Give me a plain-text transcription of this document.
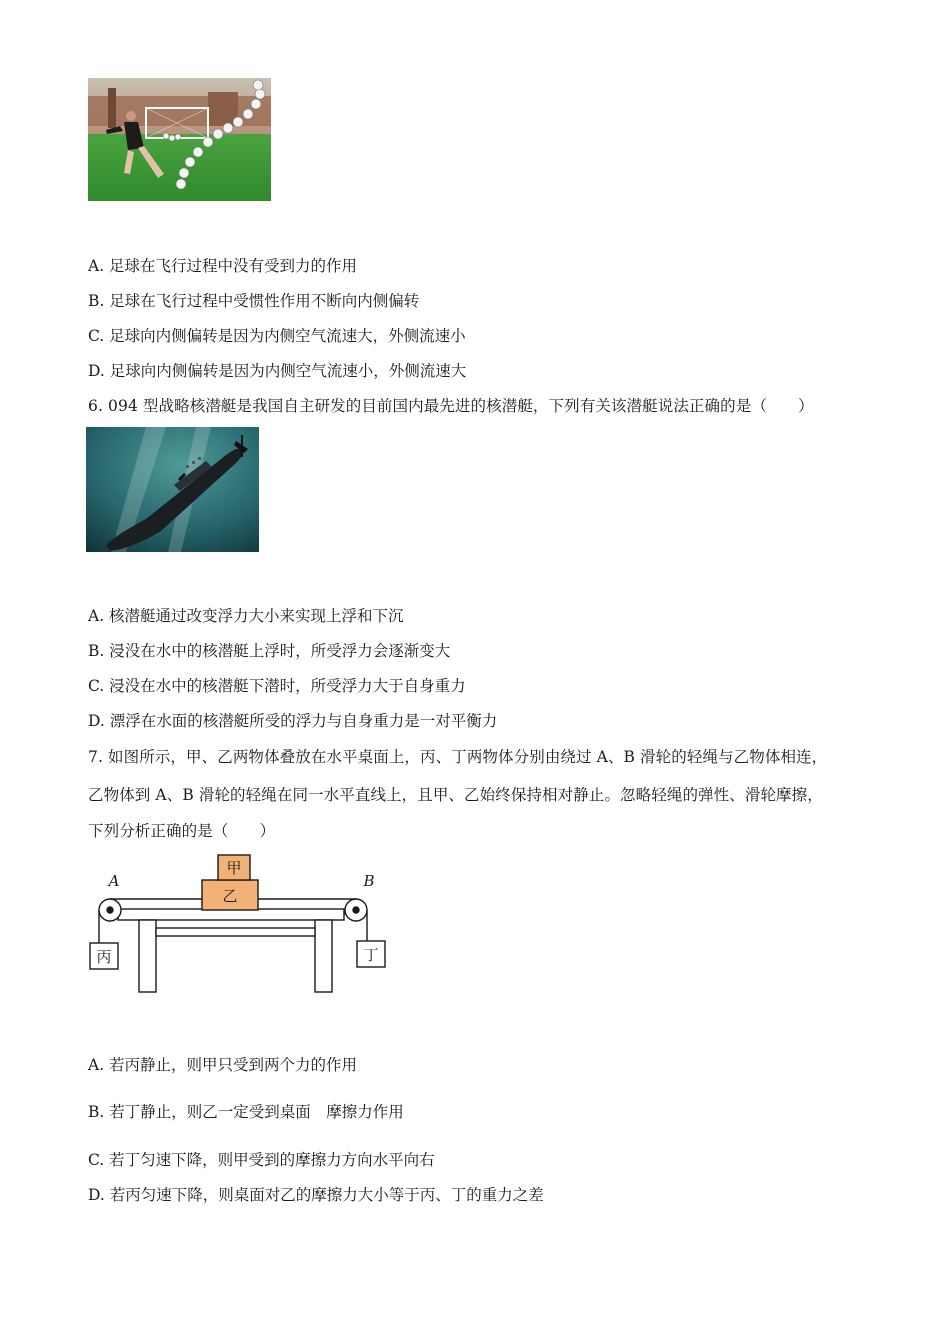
A. 足球在飞行过程中没有受到力的作用
B. 足球在飞行过程中受惯性作用不断向内侧偏转
C. 足球向内侧偏转是因为内侧空气流速大，外侧流速小
D. 足球向内侧偏转是因为内侧空气流速小，外侧流速大
6. 094 型战略核潜艇是我国自主研发的目前国内最先进的核潜艇，下列有关该潜艇说法正确的是（　　）
A. 核潜艇通过改变浮力大小来实现上浮和下沉
B. 浸没在水中的核潜艇上浮时，所受浮力会逐渐变大
C. 浸没在水中的核潜艇下潜时，所受浮力大于自身重力
D. 漂浮在水面的核潜艇所受的浮力与自身重力是一对平衡力
7. 如图所示，甲、乙两物体叠放在水平桌面上，丙、丁两物体分别由绕过 A、B 滑轮的轻绳与乙物体相连，
乙物体到 A、B 滑轮的轻绳在同一水平直线上，且甲、乙始终保持相对静止。忽略轻绳的弹性、滑轮摩擦，
下列分析正确的是（　　）
甲
乙
丙	丁
A	B
A. 若丙静止，则甲只受到两个力的作用
B. 若丁静止，则乙一定受到桌面　摩擦力作用
C. 若丁匀速下降，则甲受到的摩擦力方向水平向右
D. 若丙匀速下降，则桌面对乙的摩擦力大小等于丙、丁的重力之差
